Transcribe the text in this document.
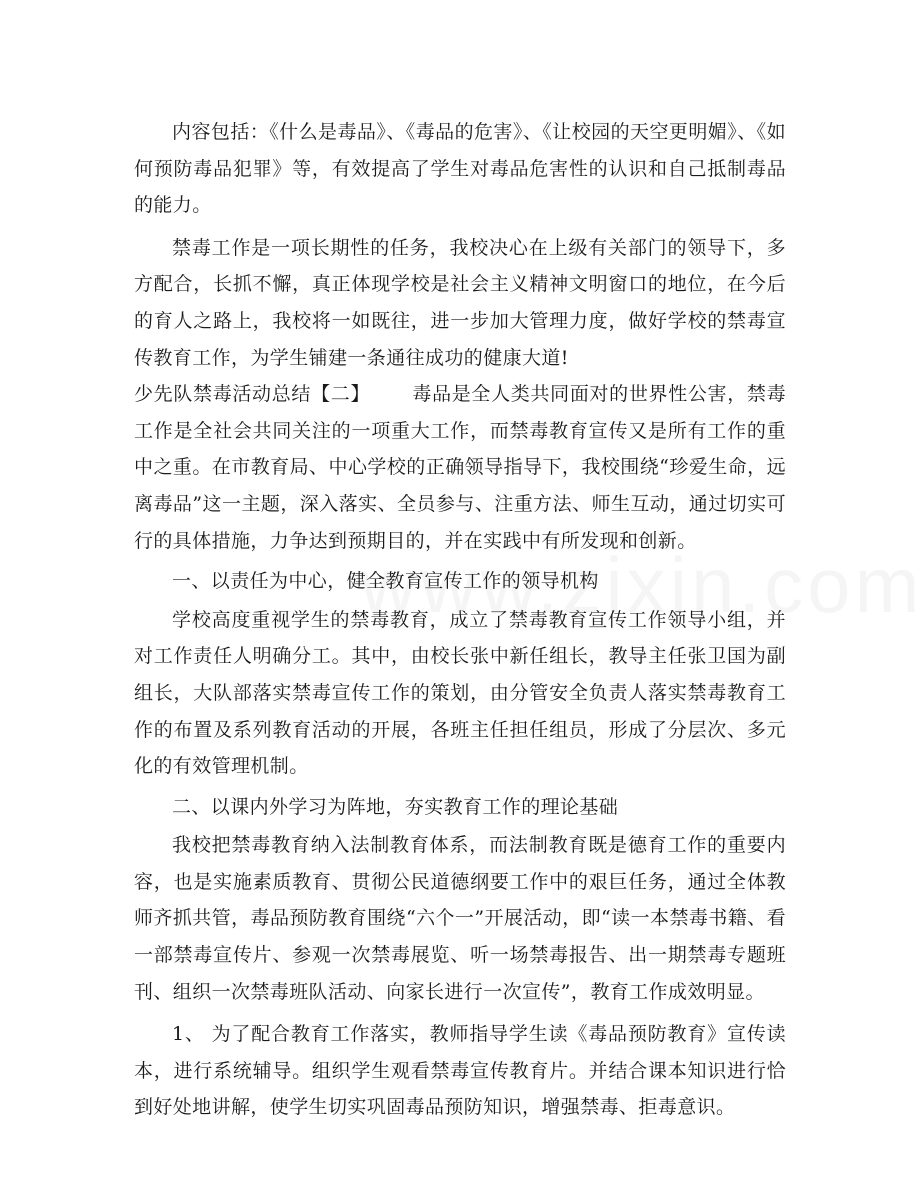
内容包括：《什么是毒品》、《毒品的危害》、《让校园的天空更明媚》、《如何预防毒品犯罪》等，有效提高了学生对毒品危害性的认识和自己抵制毒品的能力。

禁毒工作是一项长期性的任务，我校决心在上级有关部门的领导下，多方配合，长抓不懈，真正体现学校是社会主义精神文明窗口的地位，在今后的育人之路上，我校将一如既往，进一步加大管理力度，做好学校的禁毒宣传教育工作，为学生铺建一条通往成功的健康大道!

少先队禁毒活动总结【二】 毒品是全人类共同面对的世界性公害，禁毒工作是全社会共同关注的一项重大工作，而禁毒教育宣传又是所有工作的重中之重。在市教育局、中心学校的正确领导指导下，我校围绕“珍爱生命，远离毒品”这一主题，深入落实、全员参与、注重方法、师生互动，通过切实可行的具体措施，力争达到预期目的，并在实践中有所发现和创新。

一、以责任为中心，健全教育宣传工作的领导机构

学校高度重视学生的禁毒教育，成立了禁毒教育宣传工作领导小组，并对工作责任人明确分工。其中，由校长张中新任组长，教导主任张卫国为副组长，大队部落实禁毒宣传工作的策划，由分管安全负责人落实禁毒教育工作的布置及系列教育活动的开展，各班主任担任组员，形成了分层次、多元化的有效管理机制。

二、以课内外学习为阵地，夯实教育工作的理论基础

我校把禁毒教育纳入法制教育体系，而法制教育既是德育工作的重要内容，也是实施素质教育、贯彻公民道德纲要工作中的艰巨任务，通过全体教师齐抓共管，毒品预防教育围绕“六个一”开展活动，即“读一本禁毒书籍、看一部禁毒宣传片、参观一次禁毒展览、听一场禁毒报告、出一期禁毒专题班刊、组织一次禁毒班队活动、向家长进行一次宣传”，教育工作成效明显。

1、 为了配合教育工作落实，教师指导学生读《毒品预防教育》宣传读本，进行系统辅导。组织学生观看禁毒宣传教育片。并结合课本知识进行恰到好处地讲解，使学生切实巩固毒品预防知识，增强禁毒、拒毒意识。
